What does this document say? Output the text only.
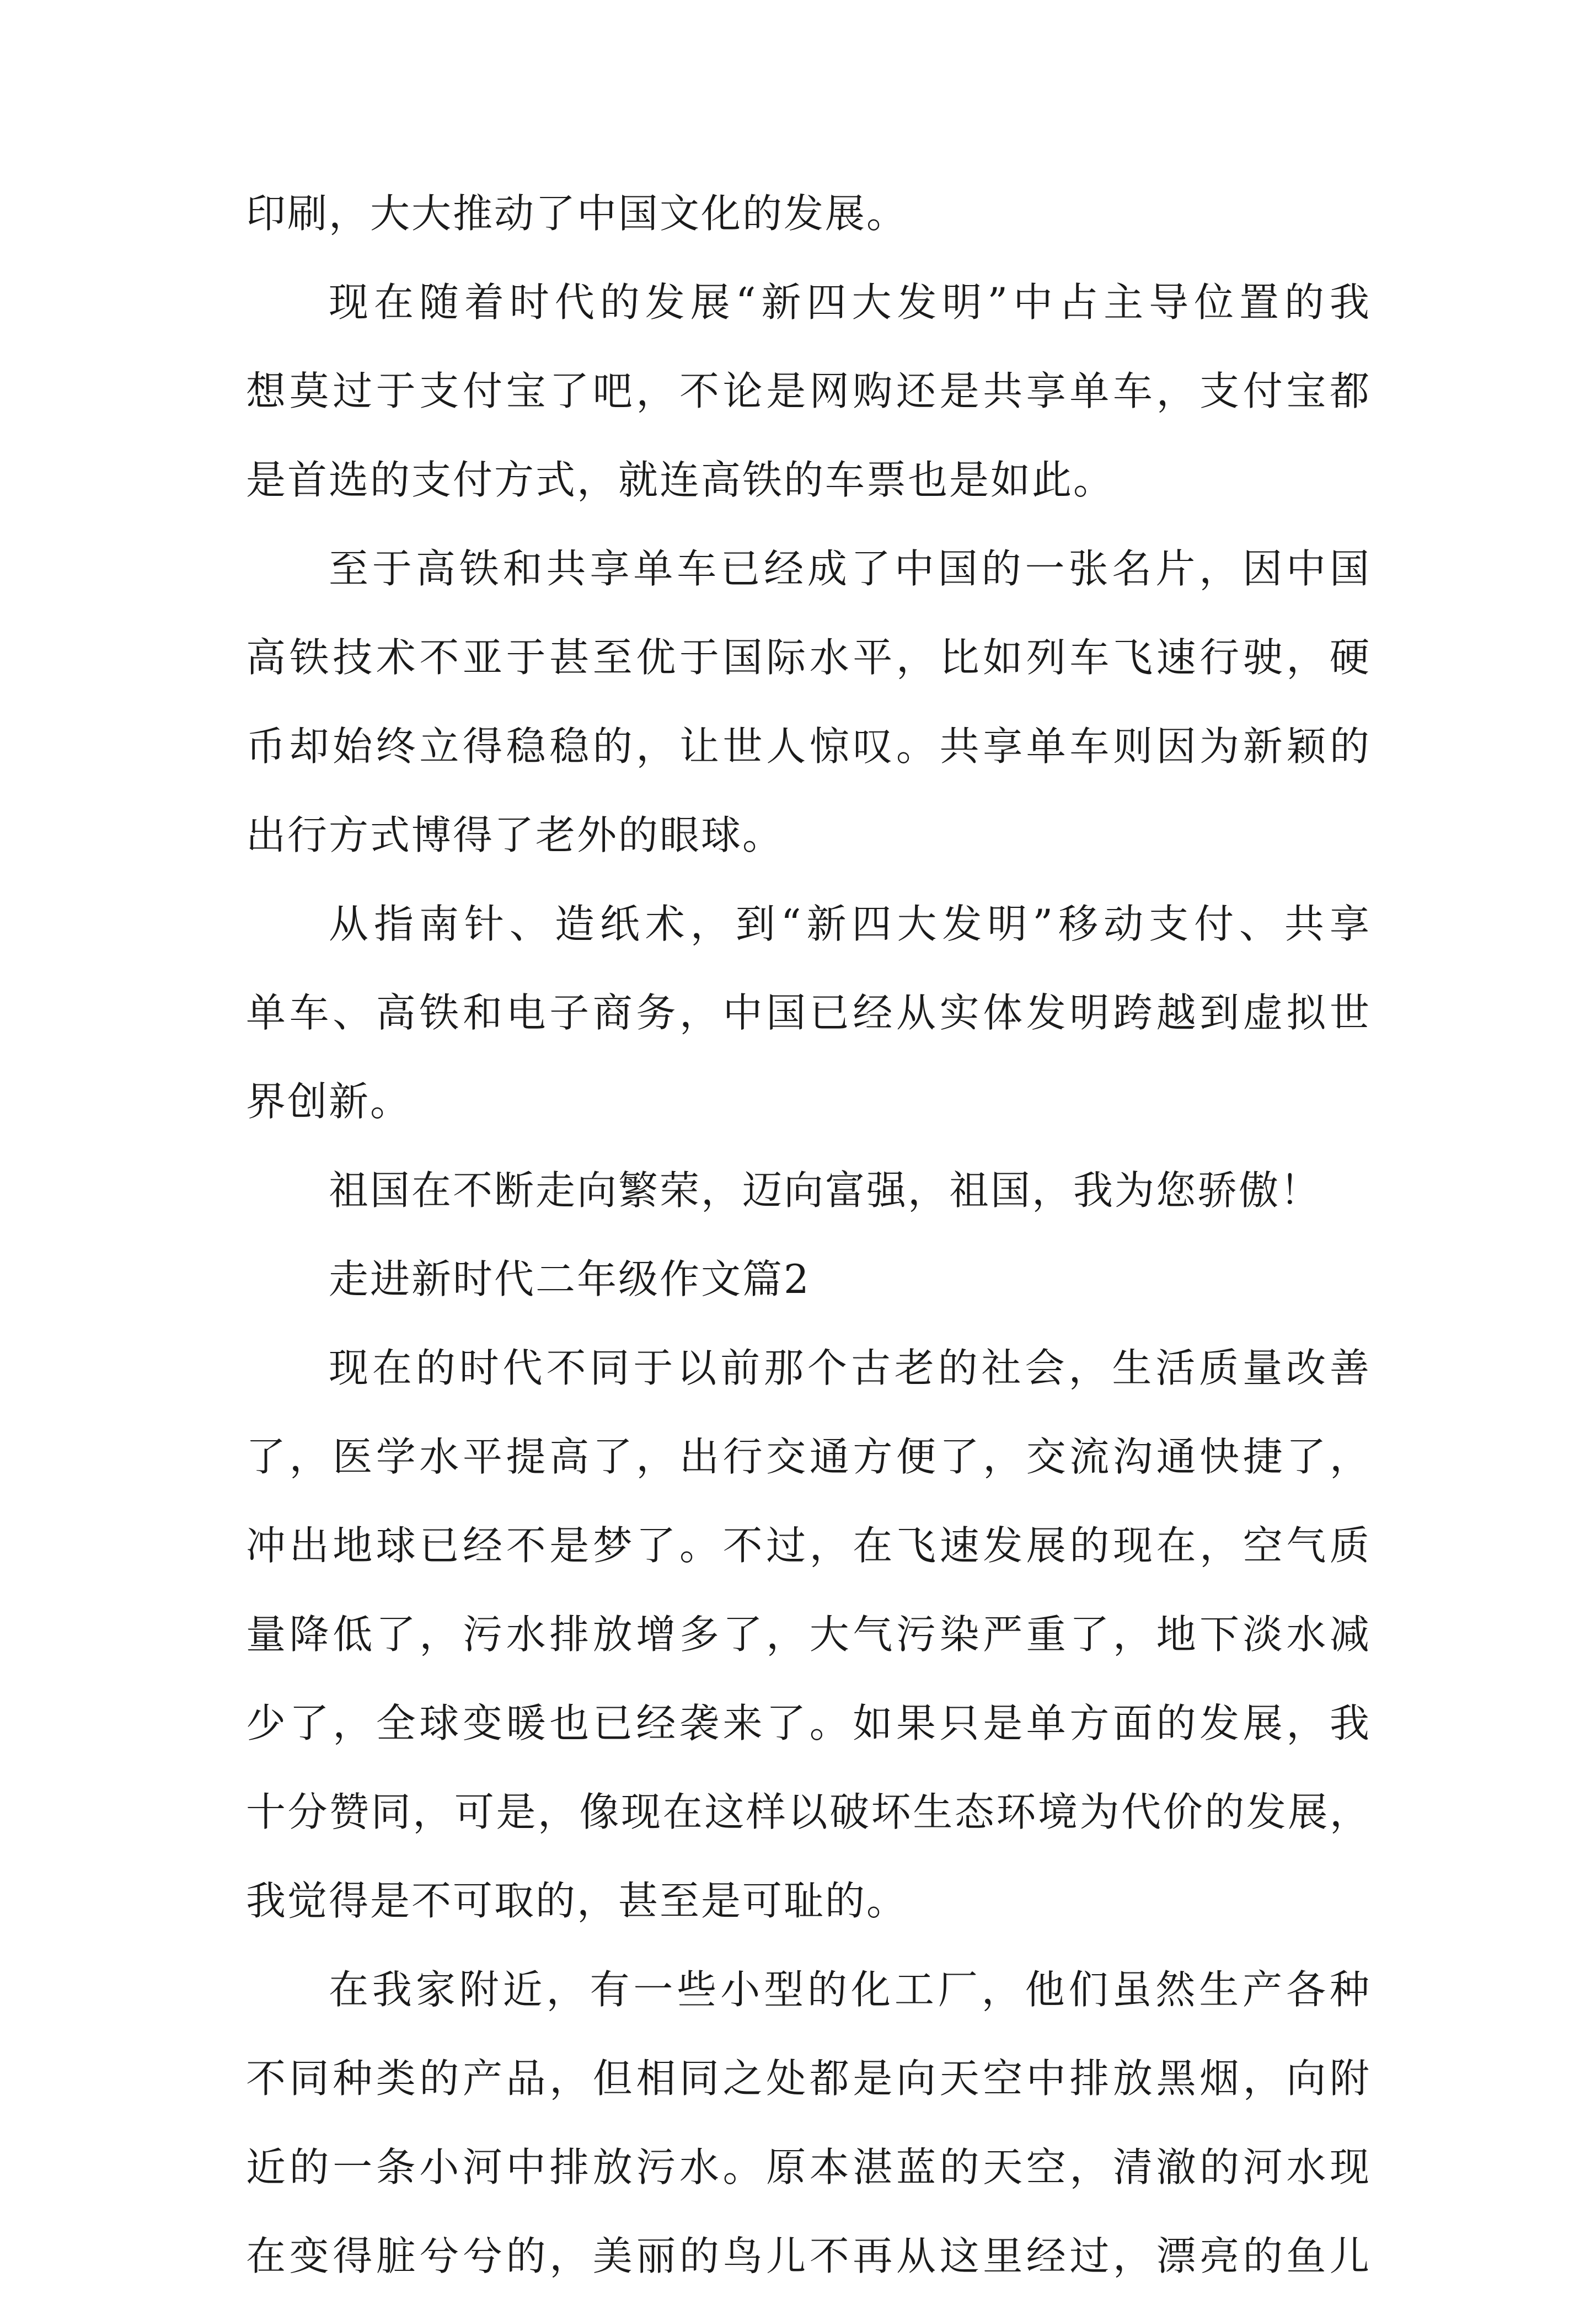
印刷，大大推动了中国文化的发展。
现在随着时代的发展“新四大发明”中占主导位置的我
想莫过于支付宝了吧，不论是网购还是共享单车，支付宝都
是首选的支付方式，就连高铁的车票也是如此。
至于高铁和共享单车已经成了中国的一张名片，因中国
高铁技术不亚于甚至优于国际水平，比如列车飞速行驶，硬
币却始终立得稳稳的，让世人惊叹。共享单车则因为新颖的
出行方式博得了老外的眼球。
从指南针、造纸术，到“新四大发明”移动支付、共享
单车、高铁和电子商务，中国已经从实体发明跨越到虚拟世
界创新。
祖国在不断走向繁荣，迈向富强，祖国，我为您骄傲！
走进新时代二年级作文篇2
现在的时代不同于以前那个古老的社会，生活质量改善
了，医学水平提高了，出行交通方便了，交流沟通快捷了，
冲出地球已经不是梦了。不过，在飞速发展的现在，空气质
量降低了，污水排放增多了，大气污染严重了，地下淡水减
少了，全球变暖也已经袭来了。如果只是单方面的发展，我
十分赞同，可是，像现在这样以破坏生态环境为代价的发展，
我觉得是不可取的，甚至是可耻的。
在我家附近，有一些小型的化工厂，他们虽然生产各种
不同种类的产品，但相同之处都是向天空中排放黑烟，向附
近的一条小河中排放污水。原本湛蓝的天空，清澈的河水现
在变得脏兮兮的，美丽的鸟儿不再从这里经过，漂亮的鱼儿
